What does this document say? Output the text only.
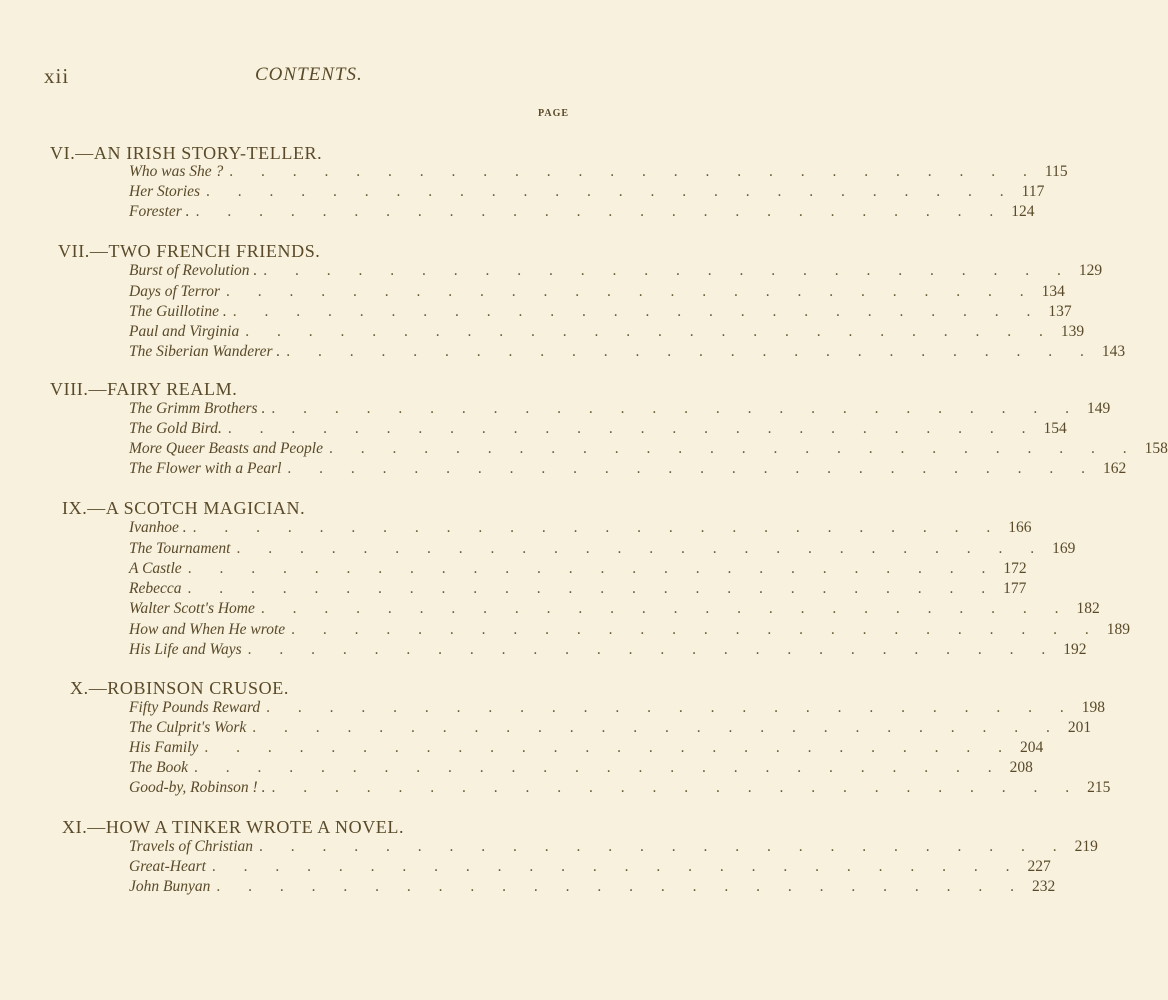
xii	CONTENTS.
PAGE
VI.—AN IRISH STORY-TELLER.
Who was She ? . . . . . . . . . . . . . . . . . . . . . . . . . . 115
Her Stories . . . . . . . . . . . . . . . . . . . . . . . . . . 117
Forester . . . . . . . . . . . . . . . . . . . . . . . . . . . 124
VII.—TWO FRENCH FRIENDS.
Burst of Revolution . . . . . . . . . . . . . . . . . . . . . . . . . . . 129
Days of Terror . . . . . . . . . . . . . . . . . . . . . . . . . . 134
The Guillotine . . . . . . . . . . . . . . . . . . . . . . . . . . . 137
Paul and Virginia . . . . . . . . . . . . . . . . . . . . . . . . . . 139
The Siberian Wanderer . . . . . . . . . . . . . . . . . . . . . . . . . . . 143
VIII.—FAIRY REALM.
The Grimm Brothers . . . . . . . . . . . . . . . . . . . . . . . . . . . 149
The Gold Bird. . . . . . . . . . . . . . . . . . . . . . . . . . . 154
More Queer Beasts and People . . . . . . . . . . . . . . . . . . . . . . . . . . 158
The Flower with a Pearl . . . . . . . . . . . . . . . . . . . . . . . . . . 162
IX.—A SCOTCH MAGICIAN.
Ivanhoe . . . . . . . . . . . . . . . . . . . . . . . . . . . 166
The Tournament . . . . . . . . . . . . . . . . . . . . . . . . . . 169
A Castle . . . . . . . . . . . . . . . . . . . . . . . . . . 172
Rebecca . . . . . . . . . . . . . . . . . . . . . . . . . . 177
Walter Scott's Home . . . . . . . . . . . . . . . . . . . . . . . . . . 182
How and When He wrote . . . . . . . . . . . . . . . . . . . . . . . . . . 189
His Life and Ways . . . . . . . . . . . . . . . . . . . . . . . . . . 192
X.—ROBINSON CRUSOE.
Fifty Pounds Reward . . . . . . . . . . . . . . . . . . . . . . . . . . 198
The Culprit's Work . . . . . . . . . . . . . . . . . . . . . . . . . . 201
His Family . . . . . . . . . . . . . . . . . . . . . . . . . . 204
The Book . . . . . . . . . . . . . . . . . . . . . . . . . . 208
Good-by, Robinson ! . . . . . . . . . . . . . . . . . . . . . . . . . . . 215
XI.—HOW A TINKER WROTE A NOVEL.
Travels of Christian . . . . . . . . . . . . . . . . . . . . . . . . . . 219
Great-Heart . . . . . . . . . . . . . . . . . . . . . . . . . . 227
John Bunyan . . . . . . . . . . . . . . . . . . . . . . . . . . 232
